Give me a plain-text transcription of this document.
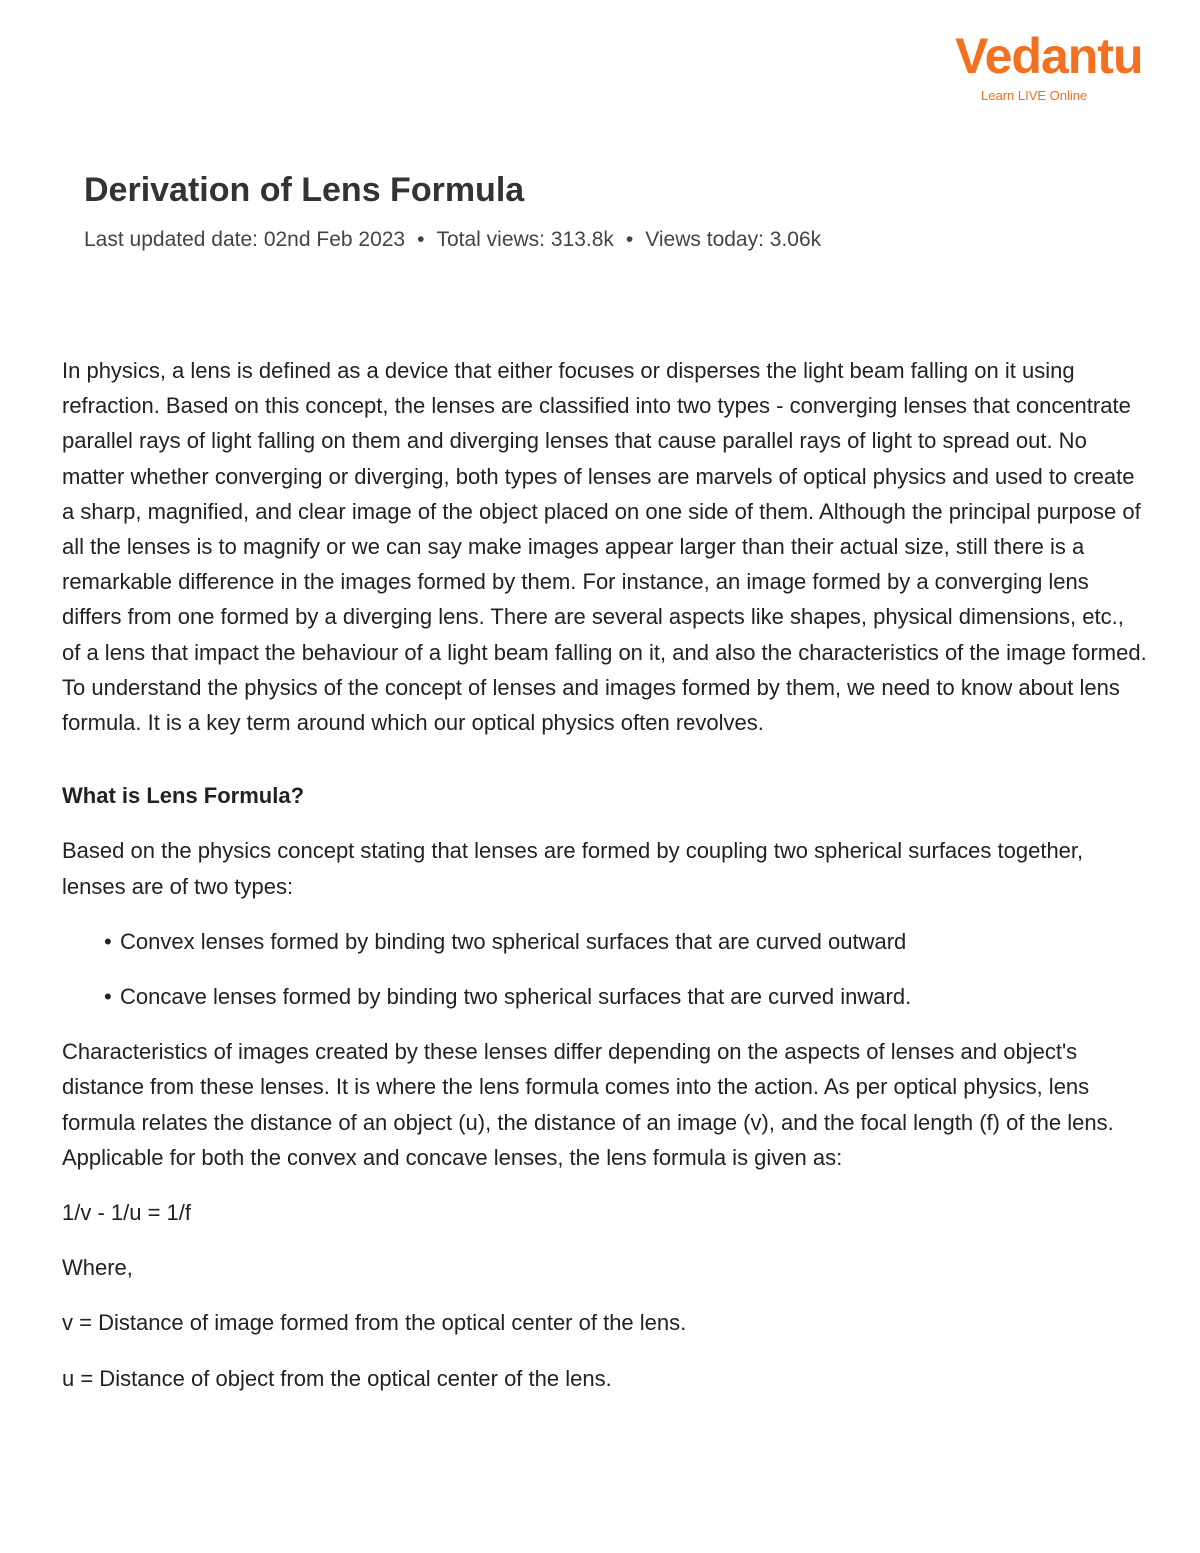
Vedantu
Learn LIVE Online
Derivation of Lens Formula
Last updated date: 02nd Feb 2023 • Total views: 313.8k • Views today: 3.06k

In physics, a lens is defined as a device that either focuses or disperses the light beam falling on it using refraction. Based on this concept, the lenses are classified into two types - converging lenses that concentrate parallel rays of light falling on them and diverging lenses that cause parallel rays of light to spread out. No matter whether converging or diverging, both types of lenses are marvels of optical physics and used to create a sharp, magnified, and clear image of the object placed on one side of them. Although the principal purpose of all the lenses is to magnify or we can say make images appear larger than their actual size, still there is a remarkable difference in the images formed by them. For instance, an image formed by a converging lens differs from one formed by a diverging lens. There are several aspects like shapes, physical dimensions, etc., of a lens that impact the behaviour of a light beam falling on it, and also the characteristics of the image formed. To understand the physics of the concept of lenses and images formed by them, we need to know about lens formula. It is a key term around which our optical physics often revolves.

What is Lens Formula?

Based on the physics concept stating that lenses are formed by coupling two spherical surfaces together, lenses are of two types:

• Convex lenses formed by binding two spherical surfaces that are curved outward
• Concave lenses formed by binding two spherical surfaces that are curved inward.

Characteristics of images created by these lenses differ depending on the aspects of lenses and object's distance from these lenses. It is where the lens formula comes into the action. As per optical physics, lens formula relates the distance of an object (u), the distance of an image (v), and the focal length (f) of the lens. Applicable for both the convex and concave lenses, the lens formula is given as:

1/v - 1/u = 1/f

Where,

v = Distance of image formed from the optical center of the lens.

u = Distance of object from the optical center of the lens.
